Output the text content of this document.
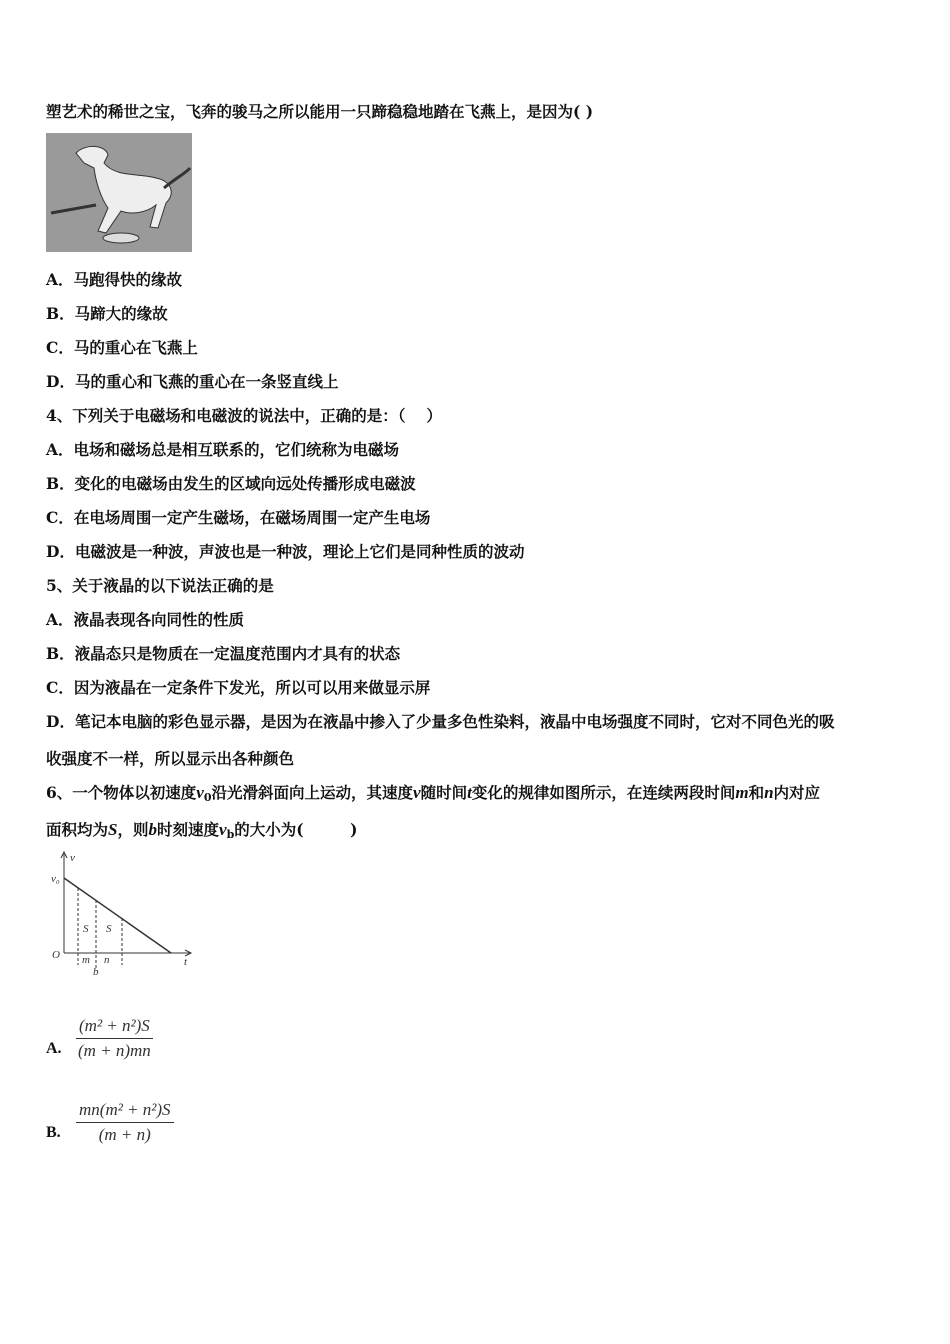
塑艺术的稀世之宝，飞奔的骏马之所以能用一只蹄稳稳地踏在飞燕上，是因为( )
A．马跑得快的缘故
B．马蹄大的缘故
C．马的重心在飞燕上
D．马的重心和飞燕的重心在一条竖直线上
4、下列关于电磁场和电磁波的说法中，正确的是：（　 ）
A．电场和磁场总是相互联系的，它们统称为电磁场
B．变化的电磁场由发生的区域向远处传播形成电磁波
C．在电场周围一定产生磁场，在磁场周围一定产生电场
D．电磁波是一种波，声波也是一种波，理论上它们是同种性质的波动
5、关于液晶的以下说法正确的是
A．液晶表现各向同性的性质
B．液晶态只是物质在一定温度范围内才具有的状态
C．因为液晶在一定条件下发光，所以可以用来做显示屏
D．笔记本电脑的彩色显示器，是因为在液晶中掺入了少量多色性染料，液晶中电场强度不同时，它对不同色光的吸
收强度不一样，所以显示出各种颜色
6、一个物体以初速度$v_0$沿光滑斜面向上运动，其速度v随时间t变化的规律如图所示，在连续两段时间m和n内对应
面积均为S，则b时刻速度$v_b$的大小为(　　　)
v
v₀
O
t
m n
b
S S
A. $\frac{\text{(m² + n²)S}}{(m + n)mn}$
B. $\frac{\text{mn(m² + n²)S}}{(m + n)}$
